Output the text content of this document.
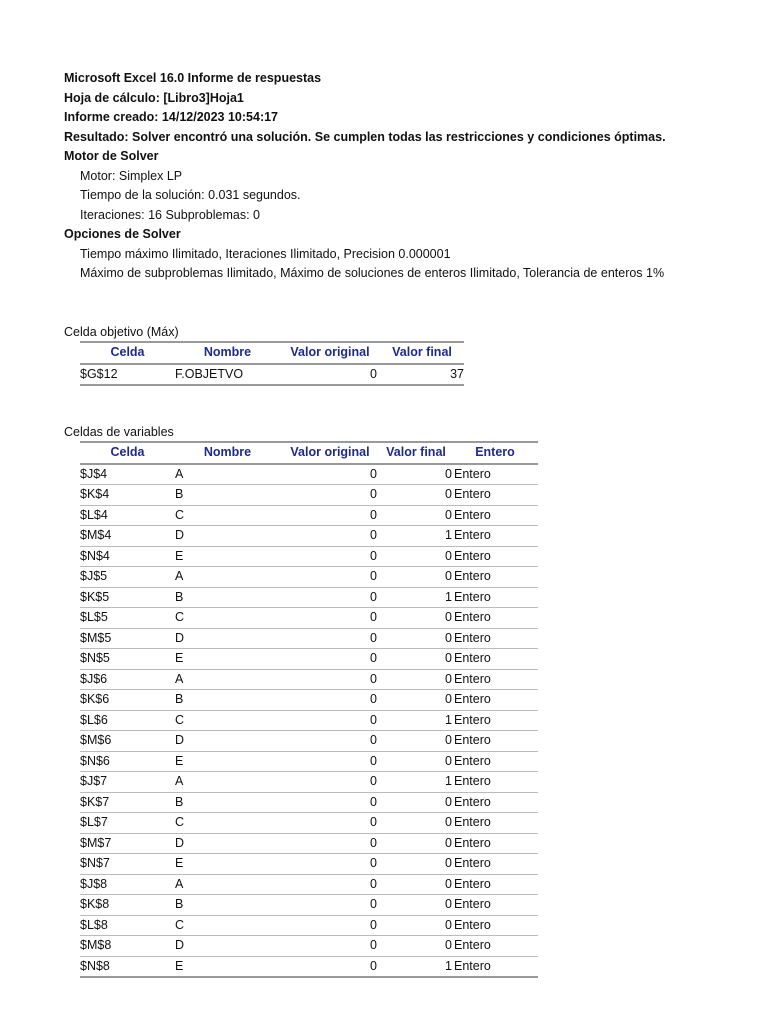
Microsoft Excel 16.0 Informe de respuestas
Hoja de cálculo: [Libro3]Hoja1
Informe creado: 14/12/2023 10:54:17
Resultado: Solver encontró una solución. Se cumplen todas las restricciones y condiciones óptimas.
Motor de Solver
Motor: Simplex LP
Tiempo de la solución: 0.031 segundos.
Iteraciones: 16 Subproblemas: 0
Opciones de Solver
Tiempo máximo Ilimitado, Iteraciones Ilimitado, Precision 0.000001
Máximo de subproblemas Ilimitado, Máximo de soluciones de enteros Ilimitado, Tolerancia de enteros 1%
Celda objetivo (Máx)
Celda	Nombre	Valor original	Valor final
$G$12	F.OBJETVO	0	37
Celdas de variables
Celda	Nombre	Valor original	Valor final	Entero
$J$4	A	0	0	Entero
$K$4	B	0	0	Entero
$L$4	C	0	0	Entero
$M$4	D	0	1	Entero
$N$4	E	0	0	Entero
$J$5	A	0	0	Entero
$K$5	B	0	1	Entero
$L$5	C	0	0	Entero
$M$5	D	0	0	Entero
$N$5	E	0	0	Entero
$J$6	A	0	0	Entero
$K$6	B	0	0	Entero
$L$6	C	0	1	Entero
$M$6	D	0	0	Entero
$N$6	E	0	0	Entero
$J$7	A	0	1	Entero
$K$7	B	0	0	Entero
$L$7	C	0	0	Entero
$M$7	D	0	0	Entero
$N$7	E	0	0	Entero
$J$8	A	0	0	Entero
$K$8	B	0	0	Entero
$L$8	C	0	0	Entero
$M$8	D	0	0	Entero
$N$8	E	0	1	Entero
